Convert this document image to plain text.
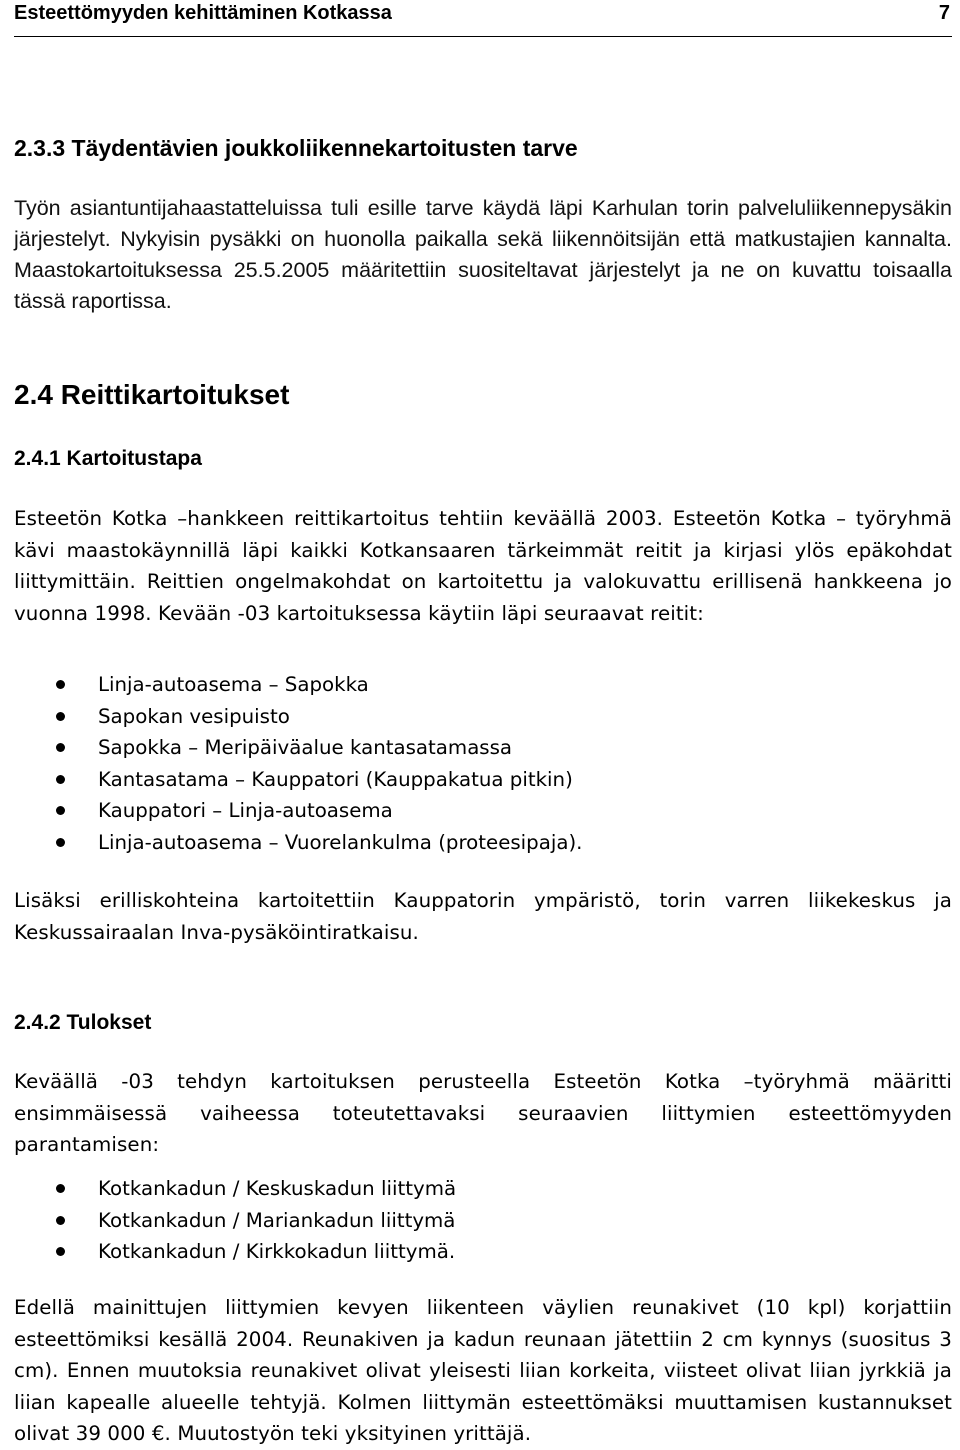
Esteettömyyden kehittäminen Kotkassa	7
2.3.3 Täydentävien joukkoliikennekartoitusten tarve
Työn asiantuntijahaastatteluissa tuli esille tarve käydä läpi Karhulan torin palveluliikennepysäkin järjestelyt. Nykyisin pysäkki on huonolla paikalla sekä liikennöitsijän että matkustajien kannalta. Maastokartoituksessa 25.5.2005 määritettiin suositeltavat järjestelyt ja ne on kuvattu toisaalla tässä raportissa.
2.4 Reittikartoitukset
2.4.1 Kartoitustapa
Esteetön Kotka –hankkeen reittikartoitus tehtiin keväällä 2003. Esteetön Kotka – työryhmä kävi maastokäynnillä läpi kaikki Kotkansaaren tärkeimmät reitit ja kirjasi ylös epäkohdat liittymittäin. Reittien ongelmakohdat on kartoitettu ja valokuvattu erillisenä hankkeena jo vuonna 1998. Kevään -03 kartoituksessa käytiin läpi seuraavat reitit:
Linja-autoasema – Sapokka
Sapokan vesipuisto
Sapokka – Meripäiväalue kantasatamassa
Kantasatama – Kauppatori (Kauppakatua pitkin)
Kauppatori – Linja-autoasema
Linja-autoasema – Vuorelankulma (proteesipaja).
Lisäksi erilliskohteina kartoitettiin Kauppatorin ympäristö, torin varren liikekeskus ja Keskussairaalan Inva-pysäköintiratkaisu.
2.4.2 Tulokset
Keväällä -03 tehdyn kartoituksen perusteella Esteetön Kotka –työryhmä määritti ensimmäisessä vaiheessa toteutettavaksi seuraavien liittymien esteettömyyden parantamisen:
Kotkankadun / Keskuskadun liittymä
Kotkankadun / Mariankadun liittymä
Kotkankadun / Kirkkokadun liittymä.
Edellä mainittujen liittymien kevyen liikenteen väylien reunakivet (10 kpl) korjattiin esteettömiksi kesällä 2004. Reunakiven ja kadun reunaan jätettiin 2 cm kynnys (suositus 3 cm). Ennen muutoksia reunakivet olivat yleisesti liian korkeita, viisteet olivat liian jyrkkiä ja liian kapealle alueelle tehtyjä. Kolmen liittymän esteettömäksi muuttamisen kustannukset olivat 39 000 €. Muutostyön teki yksityinen yrittäjä.
